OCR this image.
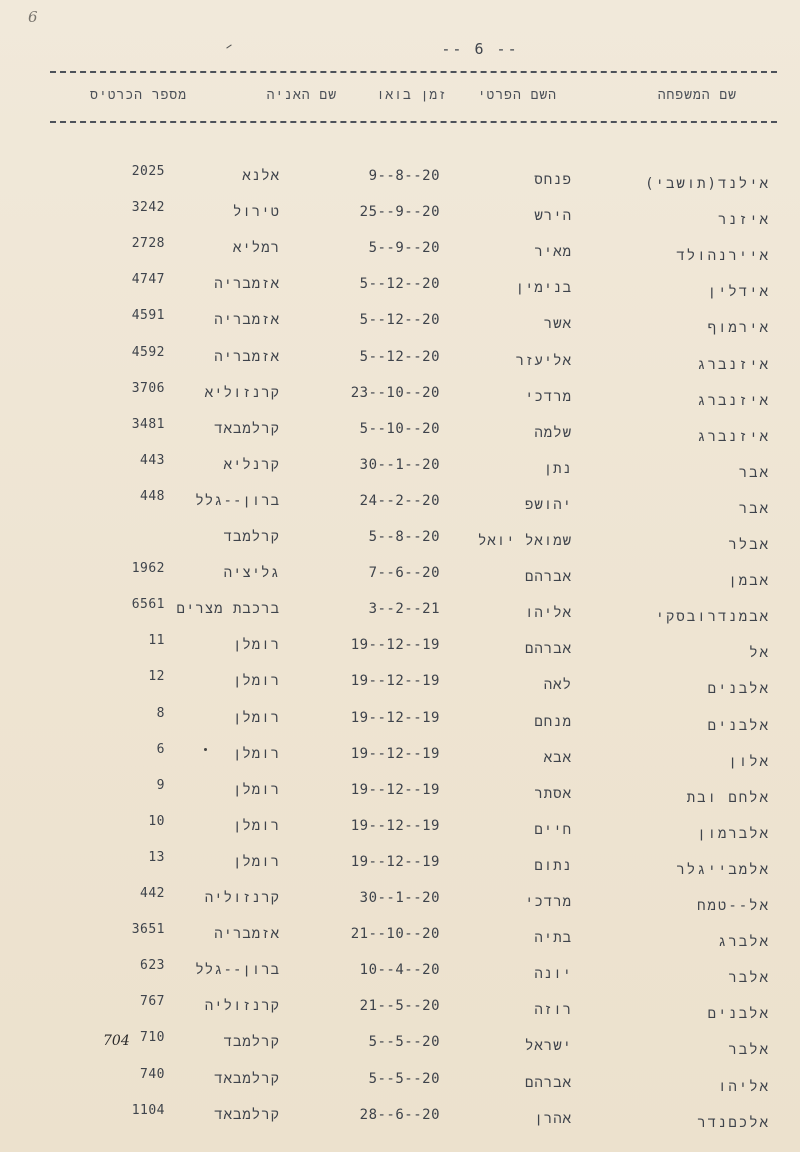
6
-- 6 --
שם המשפחה
השם הפרטי
זמן בואו
שם האניה
מספר הכרטיס
אילנד(תושבי)
פנחס
9--8--20
אלנא
2025
איזנר
הירש
25--9--20
טירול
3242
איירנהולד
מאיר
5--9--20
רמליא
2728
אידלין
בנימין
5--12--20
אזמבריה
4747
אירמוף
אשר
5--12--20
אזמבריה
4591
איזנברג
אליעזר
5--12--20
אזמבריה
4592
איזנברג
מרדכי
23--10--20
קרנזוליא
3706
איזנברג
שלמה
5--10--20
קרלמבאד
3481
אבר
נתן
30--1--20
קרנליא
443
אבר
יהושפ
24--2--20
ברון--גלל
448
אבלר
שמואל יואל
5--8--20
קרלמבד
אבמן
אברהם
7--6--20
גליציה
1962
אבמנדרובסקי
אליהו
3--2--21
ברכבת מצרים
6561
אל
אברהם
19--12--19
רומלן
11
אלבנים
לאה
19--12--19
רומלן
12
אלבנים
מנחם
19--12--19
רומלן
8
אלון
אבא
19--12--19
רומלן
6
אלחם ובת
אסתר
19--12--19
רומלן
9
אלברמון
חיים
19--12--19
רומלן
10
אלמבייגלר
נתום
19--12--19
רומלן
13
אל--טמח
מרדכי
30--1--20
קרנזוליה
442
אלברג
בתיה
21--10--20
אזמבריה
3651
אלבר
יונה
10--4--20
ברון--גלל
623
אלבנים
רוזה
21--5--20
קרנזוליה
767
אלבר
ישראל
5--5--20
קרלמבד
710
אליהו
אברהם
5--5--20
קרלמבאד
740
אלכםנדר
אהרן
28--6--20
קרלמבאד
1104
704
